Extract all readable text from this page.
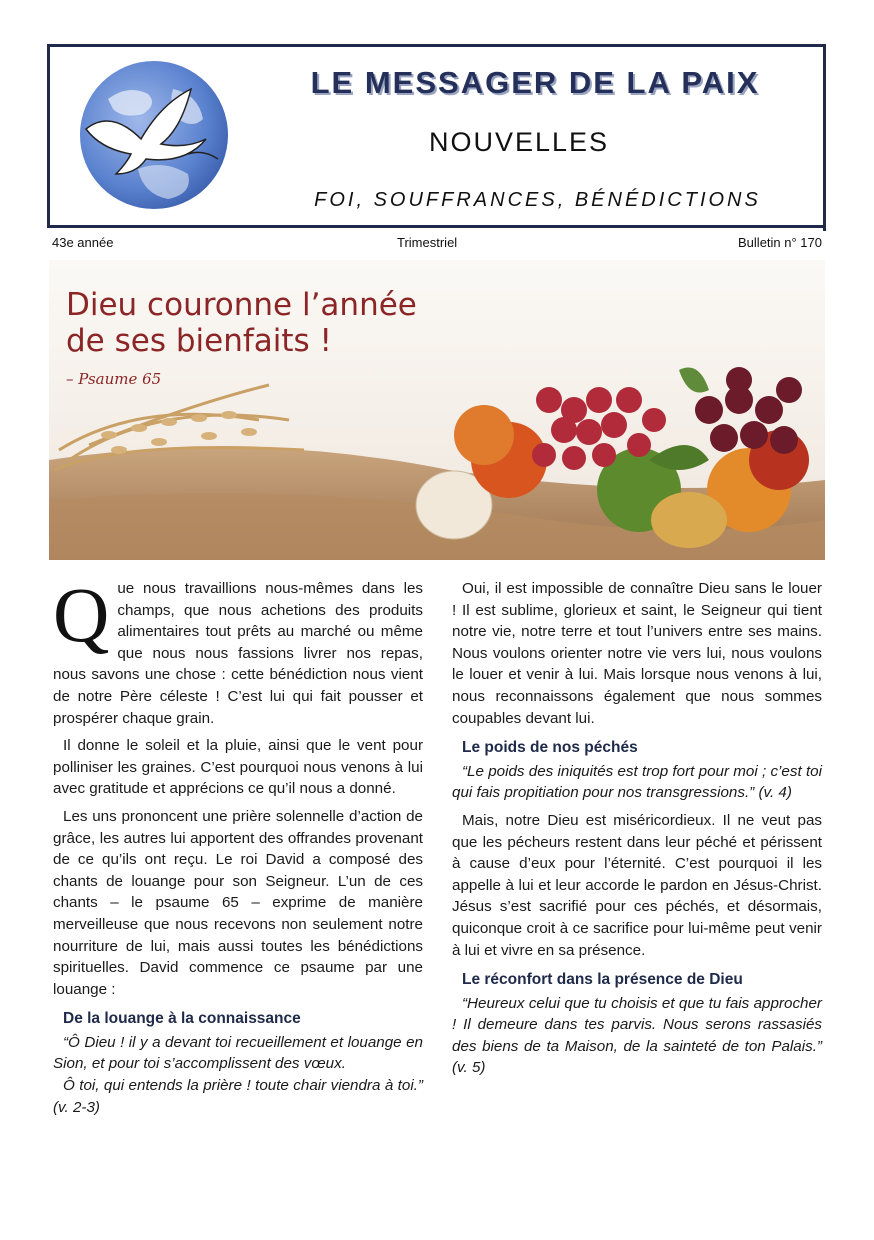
LE MESSAGER DE LA PAIX
NOUVELLES
FOI, SOUFFRANCES, BÉNÉDICTIONS
43e année	Trimestriel	Bulletin n° 170
Dieu couronne l’année
de ses bienfaits !
– Psaume 65

Que nous travaillions nous-mêmes dans les champs, que nous achetions des produits alimentaires tout prêts au marché ou même que nous nous fassions livrer nos repas, nous savons une chose : cette bénédiction nous vient de notre Père céleste ! C’est lui qui fait pousser et prospérer chaque grain.

Il donne le soleil et la pluie, ainsi que le vent pour polliniser les graines. C’est pourquoi nous venons à lui avec gratitude et apprécions ce qu’il nous a donné.

Les uns prononcent une prière solennelle d’action de grâce, les autres lui apportent des offrandes provenant de ce qu’ils ont reçu. Le roi David a composé des chants de louange pour son Seigneur. L’un de ces chants – le psaume 65 – exprime de manière merveilleuse que nous recevons non seulement notre nourriture de lui, mais aussi toutes les bénédictions spirituelles. David commence ce psaume par une louange :

De la louange à la connaissance
“Ô Dieu ! il y a devant toi recueillement et louange en Sion, et pour toi s’accomplissent des vœux.
Ô toi, qui entends la prière ! toute chair viendra à toi.” (v. 2-3)

Oui, il est impossible de connaître Dieu sans le louer ! Il est sublime, glorieux et saint, le Seigneur qui tient notre vie, notre terre et tout l’univers entre ses mains. Nous voulons orienter notre vie vers lui, nous voulons le louer et venir à lui. Mais lorsque nous venons à lui, nous reconnaissons également que nous sommes coupables devant lui.

Le poids de nos péchés
“Le poids des iniquités est trop fort pour moi ; c’est toi qui fais propitiation pour nos transgressions.” (v. 4)

Mais, notre Dieu est miséricordieux. Il ne veut pas que les pécheurs restent dans leur péché et périssent à cause d’eux pour l’éternité. C’est pourquoi il les appelle à lui et leur accorde le pardon en Jésus-Christ. Jésus s’est sacrifié pour ces péchés, et désormais, quiconque croit à ce sacrifice pour lui-même peut venir à lui et vivre en sa présence.

Le réconfort dans la présence de Dieu
“Heureux celui que tu choisis et que tu fais approcher ! Il demeure dans tes parvis. Nous serons rassasiés des biens de ta Maison, de la sainteté de ton Palais.” (v. 5)
